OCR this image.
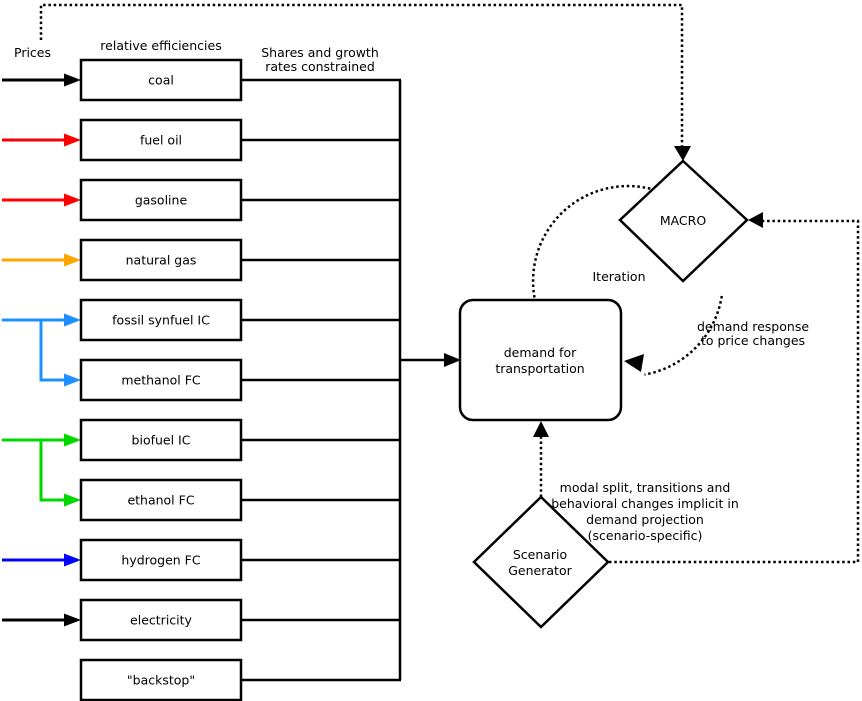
Prices	relative efficiencies	Shares and growth
rates constrained
coal
fuel oil
gasoline
natural gas
fossil synfuel IC
methanol FC
biofuel IC
ethanol FC
hydrogen FC
electricity
"backstop"
demand for
transportation
MACRO
Scenario
Generator
Iteration
demand response
to price changes
modal split, transitions and
behavioral changes implicit in
demand projection
(scenario-specific)
